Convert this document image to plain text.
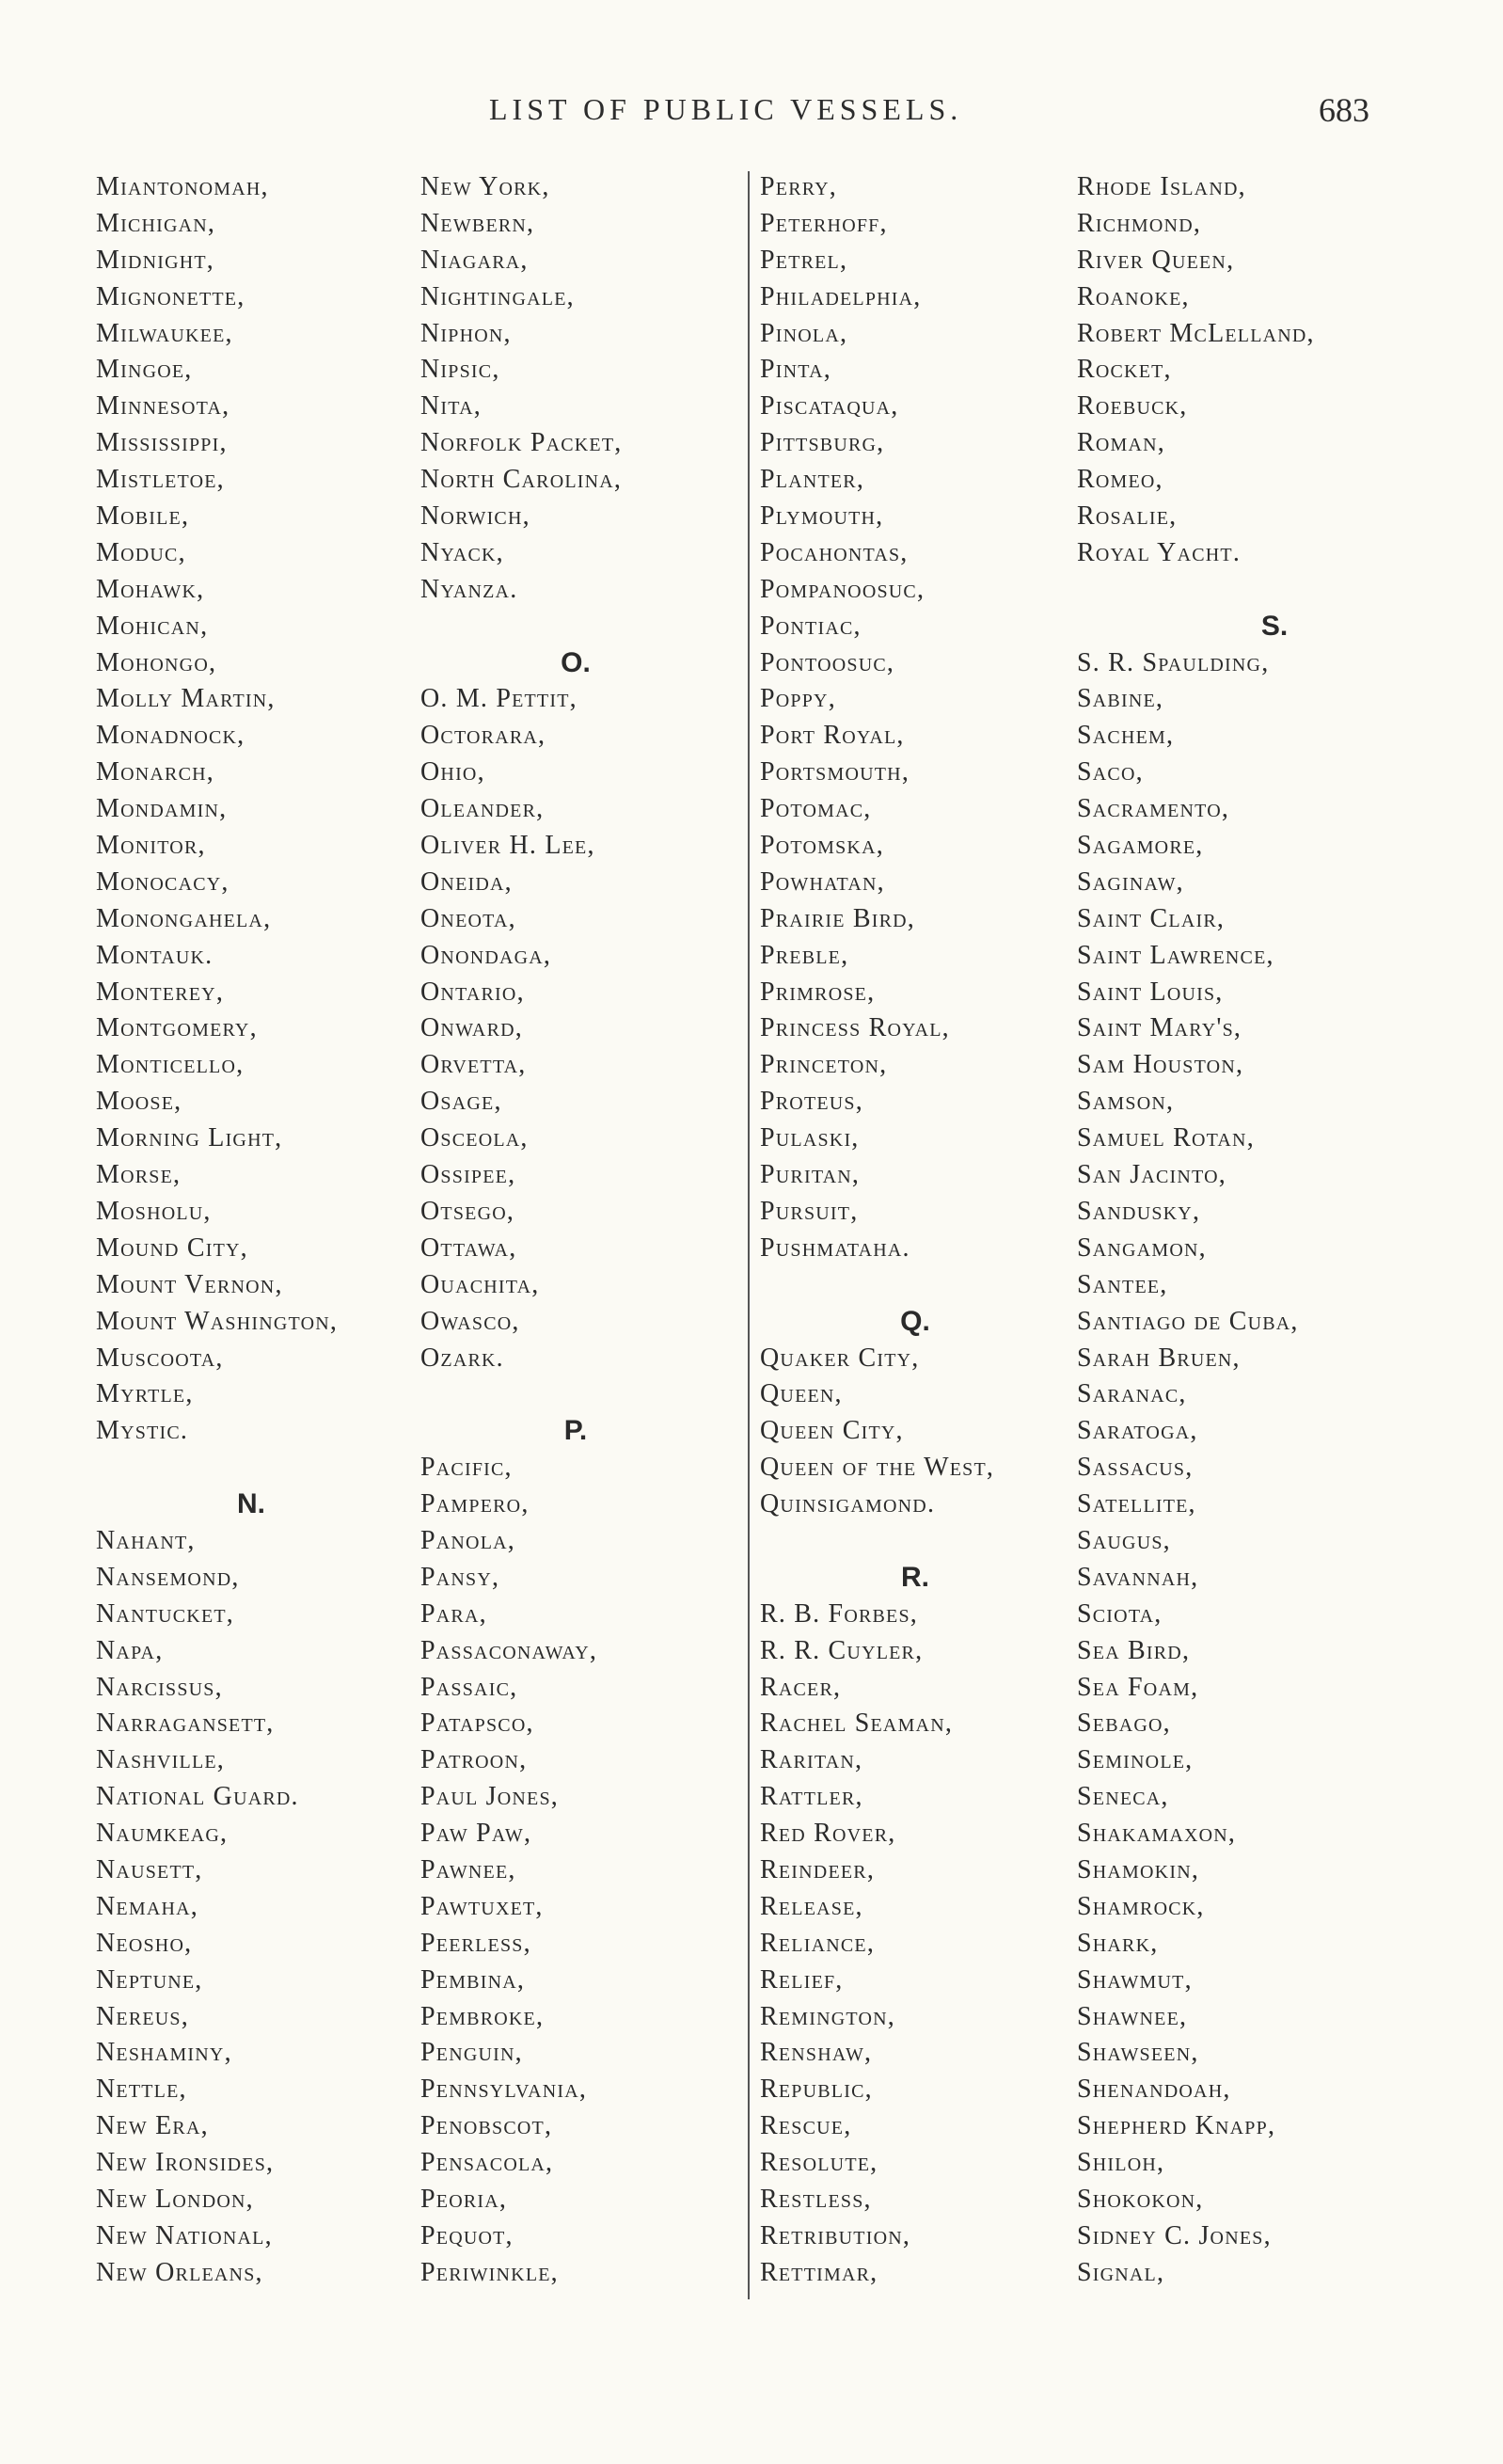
LIST OF PUBLIC VESSELS.	683
Miantonomah,
Michigan,
Midnight,
Mignonette,
Milwaukee,
Mingoe,
Minnesota,
Mississippi,
Mistletoe,
Mobile,
Moduc,
Mohawk,
Mohican,
Mohongo,
Molly Martin,
Monadnock,
Monarch,
Mondamin,
Monitor,
Monocacy,
Monongahela,
Montauk.
Monterey,
Montgomery,
Monticello,
Moose,
Morning Light,
Morse,
Mosholu,
Mound City,
Mount Vernon,
Mount Washington,
Muscoota,
Myrtle,
Mystic.
N.
Nahant,
Nansemond,
Nantucket,
Napa,
Narcissus,
Narragansett,
Nashville,
National Guard.
Naumkeag,
Nausett,
Nemaha,
Neosho,
Neptune,
Nereus,
Neshaminy,
Nettle,
New Era,
New Ironsides,
New London,
New National,
New Orleans,
New York,
Newbern,
Niagara,
Nightingale,
Niphon,
Nipsic,
Nita,
Norfolk Packet,
North Carolina,
Norwich,
Nyack,
Nyanza.
O.
O. M. Pettit,
Octorara,
Ohio,
Oleander,
Oliver H. Lee,
Oneida,
Oneota,
Onondaga,
Ontario,
Onward,
Orvetta,
Osage,
Osceola,
Ossipee,
Otsego,
Ottawa,
Ouachita,
Owasco,
Ozark.
P.
Pacific,
Pampero,
Panola,
Pansy,
Para,
Passaconaway,
Passaic,
Patapsco,
Patroon,
Paul Jones,
Paw Paw,
Pawnee,
Pawtuxet,
Peerless,
Pembina,
Pembroke,
Penguin,
Pennsylvania,
Penobscot,
Pensacola,
Peoria,
Pequot,
Periwinkle,
Perry,
Peterhoff,
Petrel,
Philadelphia,
Pinola,
Pinta,
Piscataqua,
Pittsburg,
Planter,
Plymouth,
Pocahontas,
Pompanoosuc,
Pontiac,
Pontoosuc,
Poppy,
Port Royal,
Portsmouth,
Potomac,
Potomska,
Powhatan,
Prairie Bird,
Preble,
Primrose,
Princess Royal,
Princeton,
Proteus,
Pulaski,
Puritan,
Pursuit,
Pushmataha.
Q.
Quaker City,
Queen,
Queen City,
Queen of the West,
Quinsigamond.
R.
R. B. Forbes,
R. R. Cuyler,
Racer,
Rachel Seaman,
Raritan,
Rattler,
Red Rover,
Reindeer,
Release,
Reliance,
Relief,
Remington,
Renshaw,
Republic,
Rescue,
Resolute,
Restless,
Retribution,
Rettimar,
Rhode Island,
Richmond,
River Queen,
Roanoke,
Robert McLelland,
Rocket,
Roebuck,
Roman,
Romeo,
Rosalie,
Royal Yacht.
S.
S. R. Spaulding,
Sabine,
Sachem,
Saco,
Sacramento,
Sagamore,
Saginaw,
Saint Clair,
Saint Lawrence,
Saint Louis,
Saint Mary's,
Sam Houston,
Samson,
Samuel Rotan,
San Jacinto,
Sandusky,
Sangamon,
Santee,
Santiago de Cuba,
Sarah Bruen,
Saranac,
Saratoga,
Sassacus,
Satellite,
Saugus,
Savannah,
Sciota,
Sea Bird,
Sea Foam,
Sebago,
Seminole,
Seneca,
Shakamaxon,
Shamokin,
Shamrock,
Shark,
Shawmut,
Shawnee,
Shawseen,
Shenandoah,
Shepherd Knapp,
Shiloh,
Shokokon,
Sidney C. Jones,
Signal,
